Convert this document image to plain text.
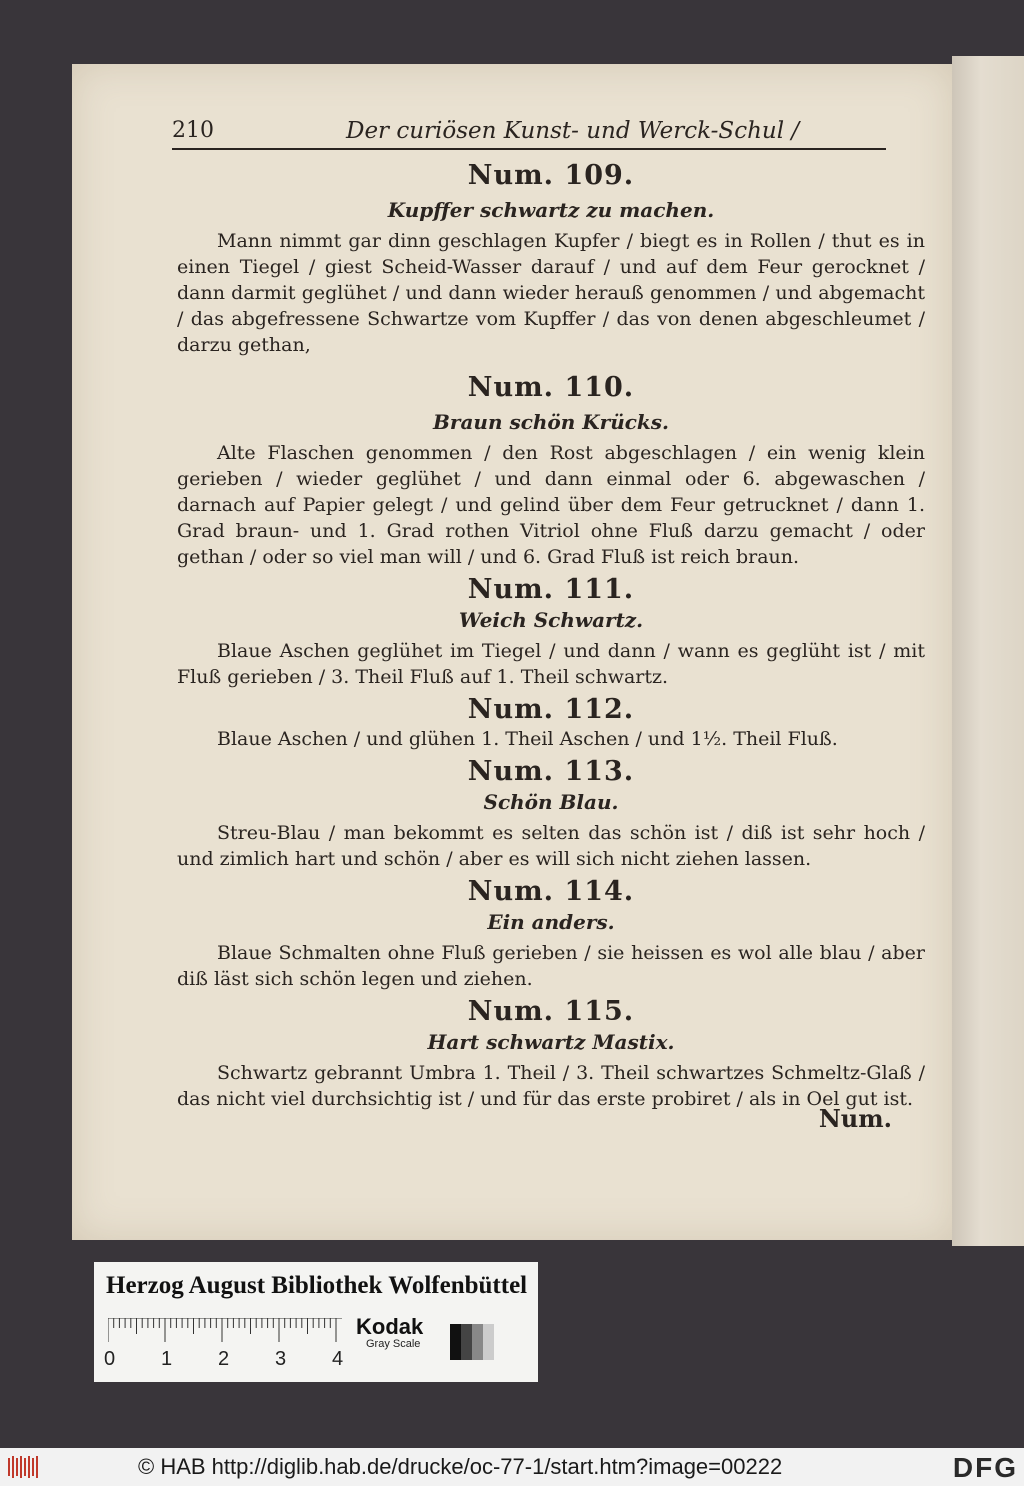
210	Der curiösen Kunst- und Werck-Schul /
Num. 109.
Kupffer schwartz zu machen.

Mann nimmt gar dinn geschlagen Kupfer / biegt es in Rollen / thut es in einen Tiegel / giest Scheid-Wasser darauf / und auf dem Feur gerocknet / dann darmit geglühet / und dann wieder herauß genommen / und abgemacht / das abgefressene Schwartze vom Kupffer / das von denen abgeschleumet / darzu gethan,

Num. 110.
Braun schön Krücks.

Alte Flaschen genommen / den Rost abgeschlagen / ein wenig klein gerieben / wieder geglühet / und dann einmal oder 6. abgewaschen / darnach auf Papier gelegt / und gelind über dem Feur getrucknet / dann 1. Grad braun- und 1. Grad rothen Vitriol ohne Fluß darzu gemacht / oder gethan / oder so viel man will / und 6. Grad Fluß ist reich braun.

Num. 111.
Weich Schwartz.

Blaue Aschen geglühet im Tiegel / und dann / wann es geglüht ist / mit Fluß gerieben / 3. Theil Fluß auf 1. Theil schwartz.

Num. 112.

Blaue Aschen / und glühen 1. Theil Aschen / und 1½. Theil Fluß.

Num. 113.
Schön Blau.

Streu-Blau / man bekommt es selten das schön ist / diß ist sehr hoch / und zimlich hart und schön / aber es will sich nicht ziehen lassen.

Num. 114.
Ein anders.

Blaue Schmalten ohne Fluß gerieben / sie heissen es wol alle blau / aber diß läst sich schön legen und ziehen.

Num. 115.
Hart schwartz Mastix.

Schwartz gebrannt Umbra 1. Theil / 3. Theil schwartzes Schmeltz-Glaß / das nicht viel durchsichtig ist / und für das erste probiret / als in Oel gut ist.

Num.
Herzog August Bibliothek Wolfenbüttel
0 1 2 3 4
Kodak
Gray Scale
© HAB http://diglib.hab.de/drucke/oc-77-1/start.htm?image=00222	DFG
